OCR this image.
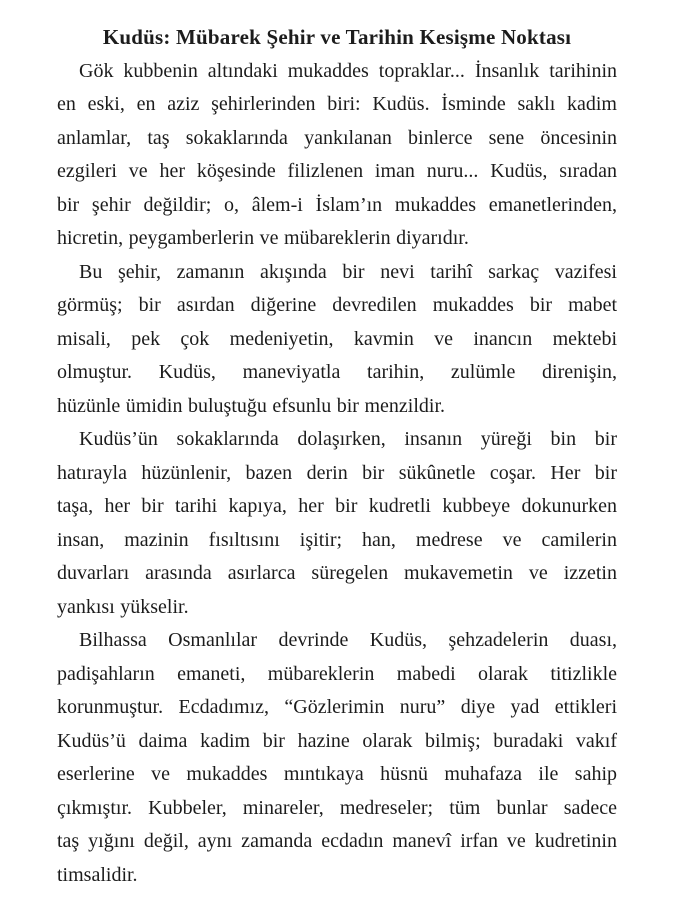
Kudüs: Mübarek Şehir ve Tarihin Kesişme Noktası

Gök kubbenin altındaki mukaddes topraklar... İnsanlık tarihinin
en eski, en aziz şehirlerinden biri: Kudüs. İsminde saklı kadim
anlamlar, taş sokaklarında yankılanan binlerce sene öncesinin
ezgileri ve her köşesinde filizlenen iman nuru... Kudüs, sıradan
bir şehir değildir; o, âlem-i İslam’ın mukaddes emanetlerinden,
hicretin, peygamberlerin ve mübareklerin diyarıdır.

Bu şehir, zamanın akışında bir nevi tarihî sarkaç vazifesi
görmüş; bir asırdan diğerine devredilen mukaddes bir mabet
misali, pek çok medeniyetin, kavmin ve inancın mektebi
olmuştur. Kudüs, maneviyatla tarihin, zulümle direnişin,
hüzünle ümidin buluştuğu efsunlu bir menzildir.

Kudüs’ün sokaklarında dolaşırken, insanın yüreği bin bir
hatırayla hüzünlenir, bazen derin bir sükûnetle coşar. Her bir
taşa, her bir tarihi kapıya, her bir kudretli kubbeye dokunurken
insan, mazinin fısıltısını işitir; han, medrese ve camilerin
duvarları arasında asırlarca süregelen mukavemetin ve izzetin
yankısı yükselir.

Bilhassa Osmanlılar devrinde Kudüs, şehzadelerin duası,
padişahların emaneti, mübareklerin mabedi olarak titizlikle
korunmuştur. Ecdadımız, “Gözlerimin nuru” diye yad ettikleri
Kudüs’ü daima kadim bir hazine olarak bilmiş; buradaki vakıf
eserlerine ve mukaddes mıntıkaya hüsnü muhafaza ile sahip
çıkmıştır. Kubbeler, minareler, medreseler; tüm bunlar sadece
taş yığını değil, aynı zamanda ecdadın manevî irfan ve kudretinin
timsalidir.
